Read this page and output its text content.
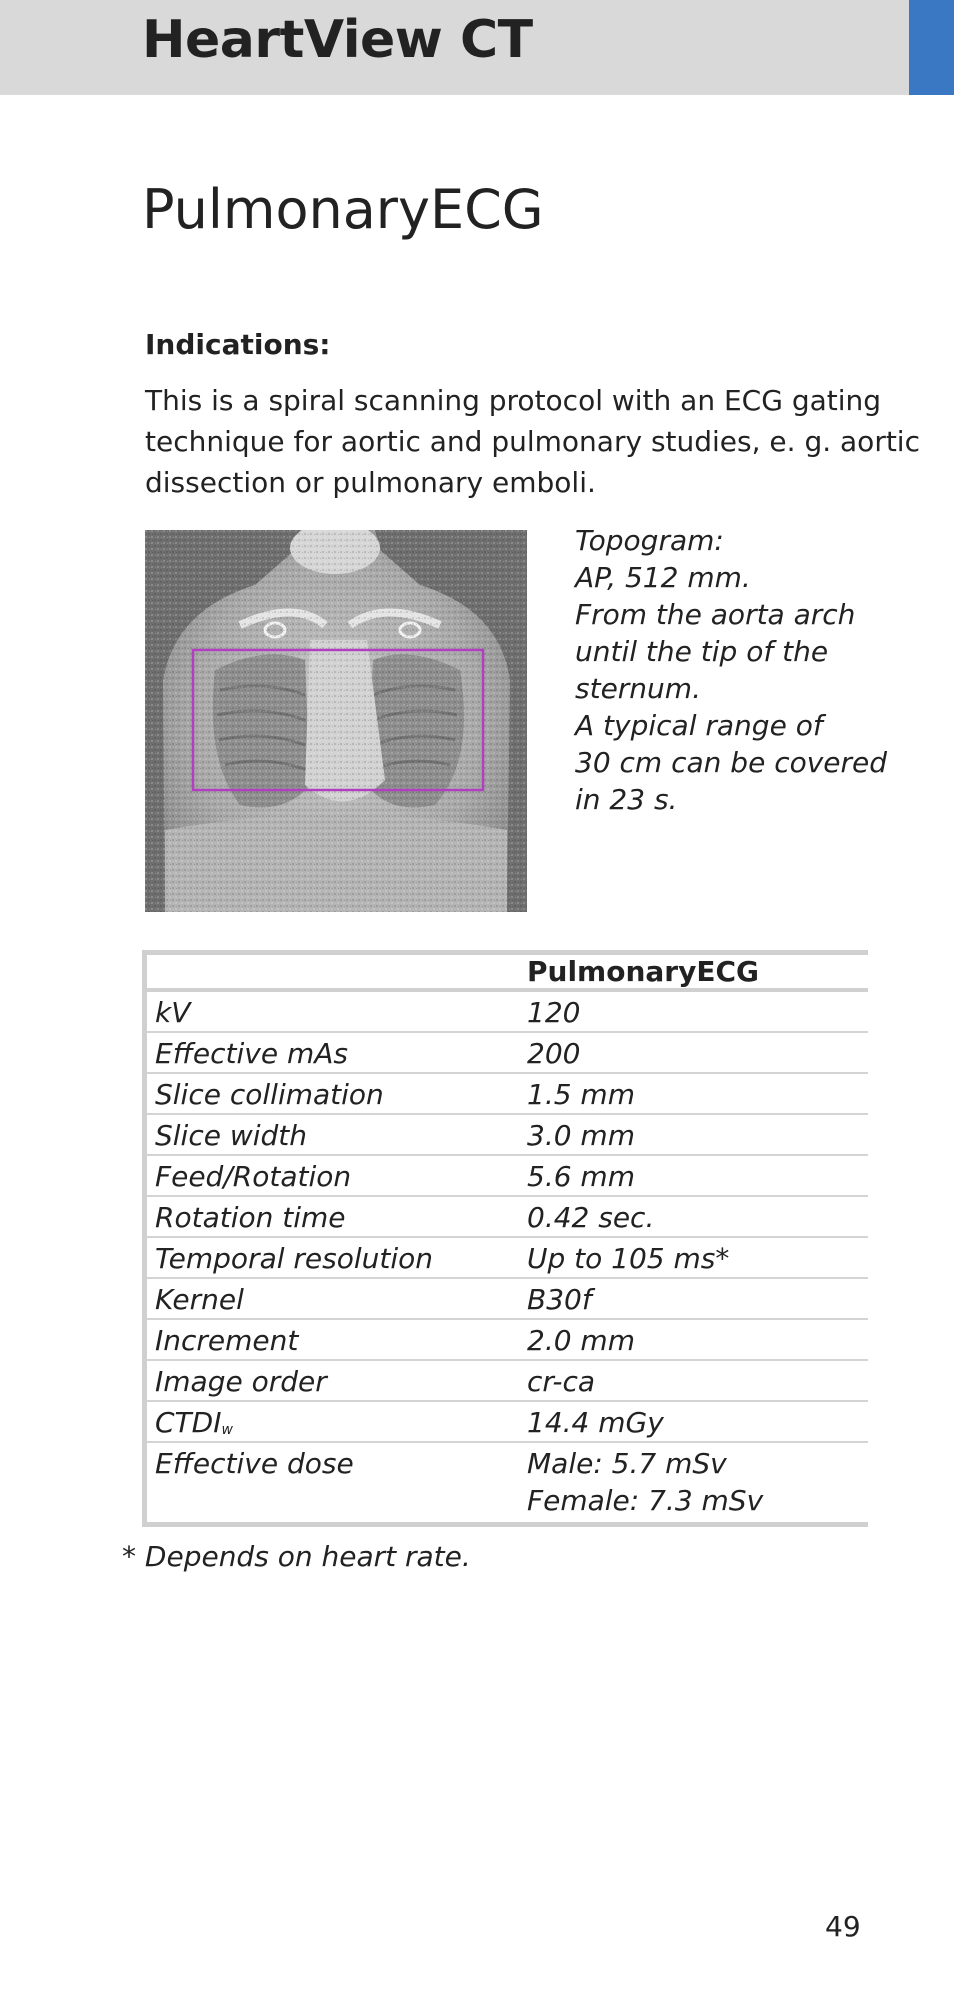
HeartView CT
PulmonaryECG
Indications:
This is a spiral scanning protocol with an ECG gating
technique for aortic and pulmonary studies, e. g. aortic
dissection or pulmonary emboli.
Topogram:
AP, 512 mm.
From the aorta arch
until the tip of the
sternum.
A typical range of
30 cm can be covered
in 23 s.
PulmonaryECG
kV	120
Effective mAs	200
Slice collimation	1.5 mm
Slice width	3.0 mm
Feed/Rotation	5.6 mm
Rotation time	0.42 sec.
Temporal resolution	Up to 105 ms*
Kernel	B30f
Increment	2.0 mm
Image order	cr-ca
$CTDI_w$	14.4 mGy
Effective dose	Male: 5.7 mSv
Female: 7.3 mSv
* Depends on heart rate.
49
